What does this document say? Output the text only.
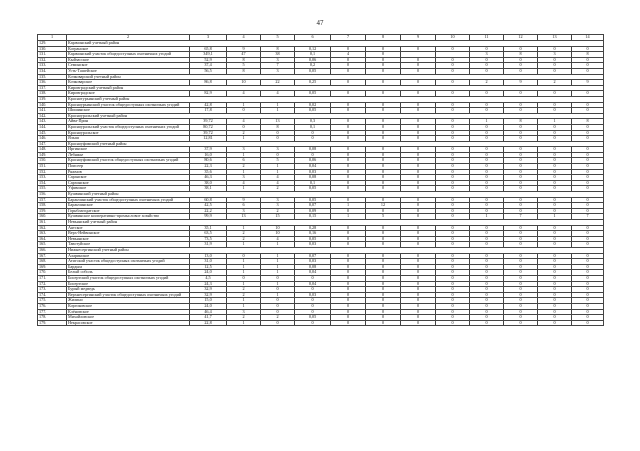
47
1	2	3	4	5	6	7	8	9	10	11	12	13	14
129.	Карачинский учетный район												
130.	Когранское	65,8	9	8	0,12	0	0	0	0	0	0	0	0
131.	Карачинский участок общедоступных охотничьих угодий	349,1	47	38	0,1	4	0			3	8	3	8
132.	Кыйзасское	52,9	8	3	0,06	0	0	0	0	0	0	0	0
133.	Семинское	37,4	5	7	0,2	0	0	0	0	0	0	0	0
134.	Усть-Ташейское	56,5	8	3	0,05	0	0	0	0	0	0	0	0
135.	Кочковарский учетный район												
136.	Кочковарское	86,8	10	22	0,25	0	0	0	0	2	9	2	9
137.	Кировградский учетный район												
138.	Кировградское	82,9	4	4	0,05	0	0	0	0	0	0	0	0
139.	Краснотурьинский учетный район												
140.	Красноурьинский участок общедоступных охотничьих угодий	42,8	1	1	0,02	0	0	0	0	0	0	0	0
141.	Шишинское	17,8	0	1	0,05	0	0	0	0	0	0	0	0
142.	Красноуральский учетный район												
143.	Айва-Прин	39,72	4	13	0,3	0	0	0	0	1	8	1	8
144.	Красноуральский участок общедоступных охотничьих угодий	80,72	0	8	0,1	0	0	0	0	0	0	0	0
145.	Красноуральское	39,72	2	0	0	0	0	0	0	0	0	0	0
146.	Ялыш	12,81	1	0	0	0	0	0	0	0	0	0	0
147.	Красноуфимский учетный район												
148.	Иргинское	37,9	3	3	0,08	0	0	0	0	0	0	0	0
149.	Лебяжье	16,0	1	0	0	0	0	0	0	0	0	0	0
150.	Красноуфимский участок общедоступных охотничьих угодий	80,6	6	5	0,06	0	0	0	0	0	0	0	0
151.	Поисеер	22,3	2	1	0,04	0	0	0	0	0	0	0	0
152.	Ряжмов	35,6	1	1	0,03	0	0	0	0	0	0	0	0
153.	Саранское	46,3	3	4	0,08	0	0	0	0	0	0	0	0
154.	Сарзинское	38,0	4	4	0,1	0	0	0	0	0	0	0	0
155.	Уфимское	38,1	1	2	0,05	0	0	0	0	0	0	0	0
156.	Кушвинский учетный район												
157.	Баранчинский участок общедоступных охотничьих угодий	60,8	9	3	0,05	0	0	0	0	0	0	0	0
158.	Баранчинское	42,5	6	3	0,07	1	12	0	0	0	0	0	0
159.	Горнблагодатское	22,2	3	2	0,09	0	0	0	0	0	0	0	0
160.	Кушвинское кооперативно-промысловое хозяйство	99,9	13	15	0,15	1	5	0	0	1	7	1	7
161.	Невьянский учетный район												
162.	Аятское	35,1	1	10	0,28	0	0	0	0	0	0	0	0
163.	Верх-Нейвинское	63,5	2	10	0,16	0	0	0	0	0	0	0	0
164.	Невьянское	73,5	2	4	0,05	0	0	0	0	0	0	0	0
165.	Тавотуйское	31,9	1	1	0,03	0	0	0	0	0	0	0	0
166.	Нижнесергинский учетный район												
167.	Аларинское	13,0	0	1	0,07	0	0	0	0	0	0	0	0
168.	Атигский участок общедоступных охотничьих угодий	31,0	1	1	0,03	0	0	0	0	0	0	0	0
169.	Бардым	12,5	1	1	0,08	0	0	0	0	0	0	0	0
170.	Белый соболь	24,0	1	1	0,04	0	0	0	0	0	0	0	0
171.	Бисертский участок общедоступных охотничьих угодий	4,5	0	0	0	0	0	0	0	0	0	0	0
172.	Бисертское	24,3	1	1	0,04	0	0	0	0	0	0	0	0
173.	Бурый медведь	32,9	2	0	0	0	0	0	0	0	0	0	0
174.	Верхнесергинский участок общедоступных охотничьих угодий	32,9	2	1	0,03	0	0	0	0	0	0	0	0
175.	Жилино	15,0	1	0	0	0	0	0	0	0	0	0	0
176.	Коргоковское	24,0	1	0	0	0	0	0	0	0	0	0	0
177.	Клёновское	46,4	3	0	0	0	0	0	0	0	0	0	0
178.	Михайловское	41,7	2	2	0,05	0	0	0	0	0	0	0	0
179.	Некрасовское	22,8	1	0	0	0	0	0	0	0	0	0	0
